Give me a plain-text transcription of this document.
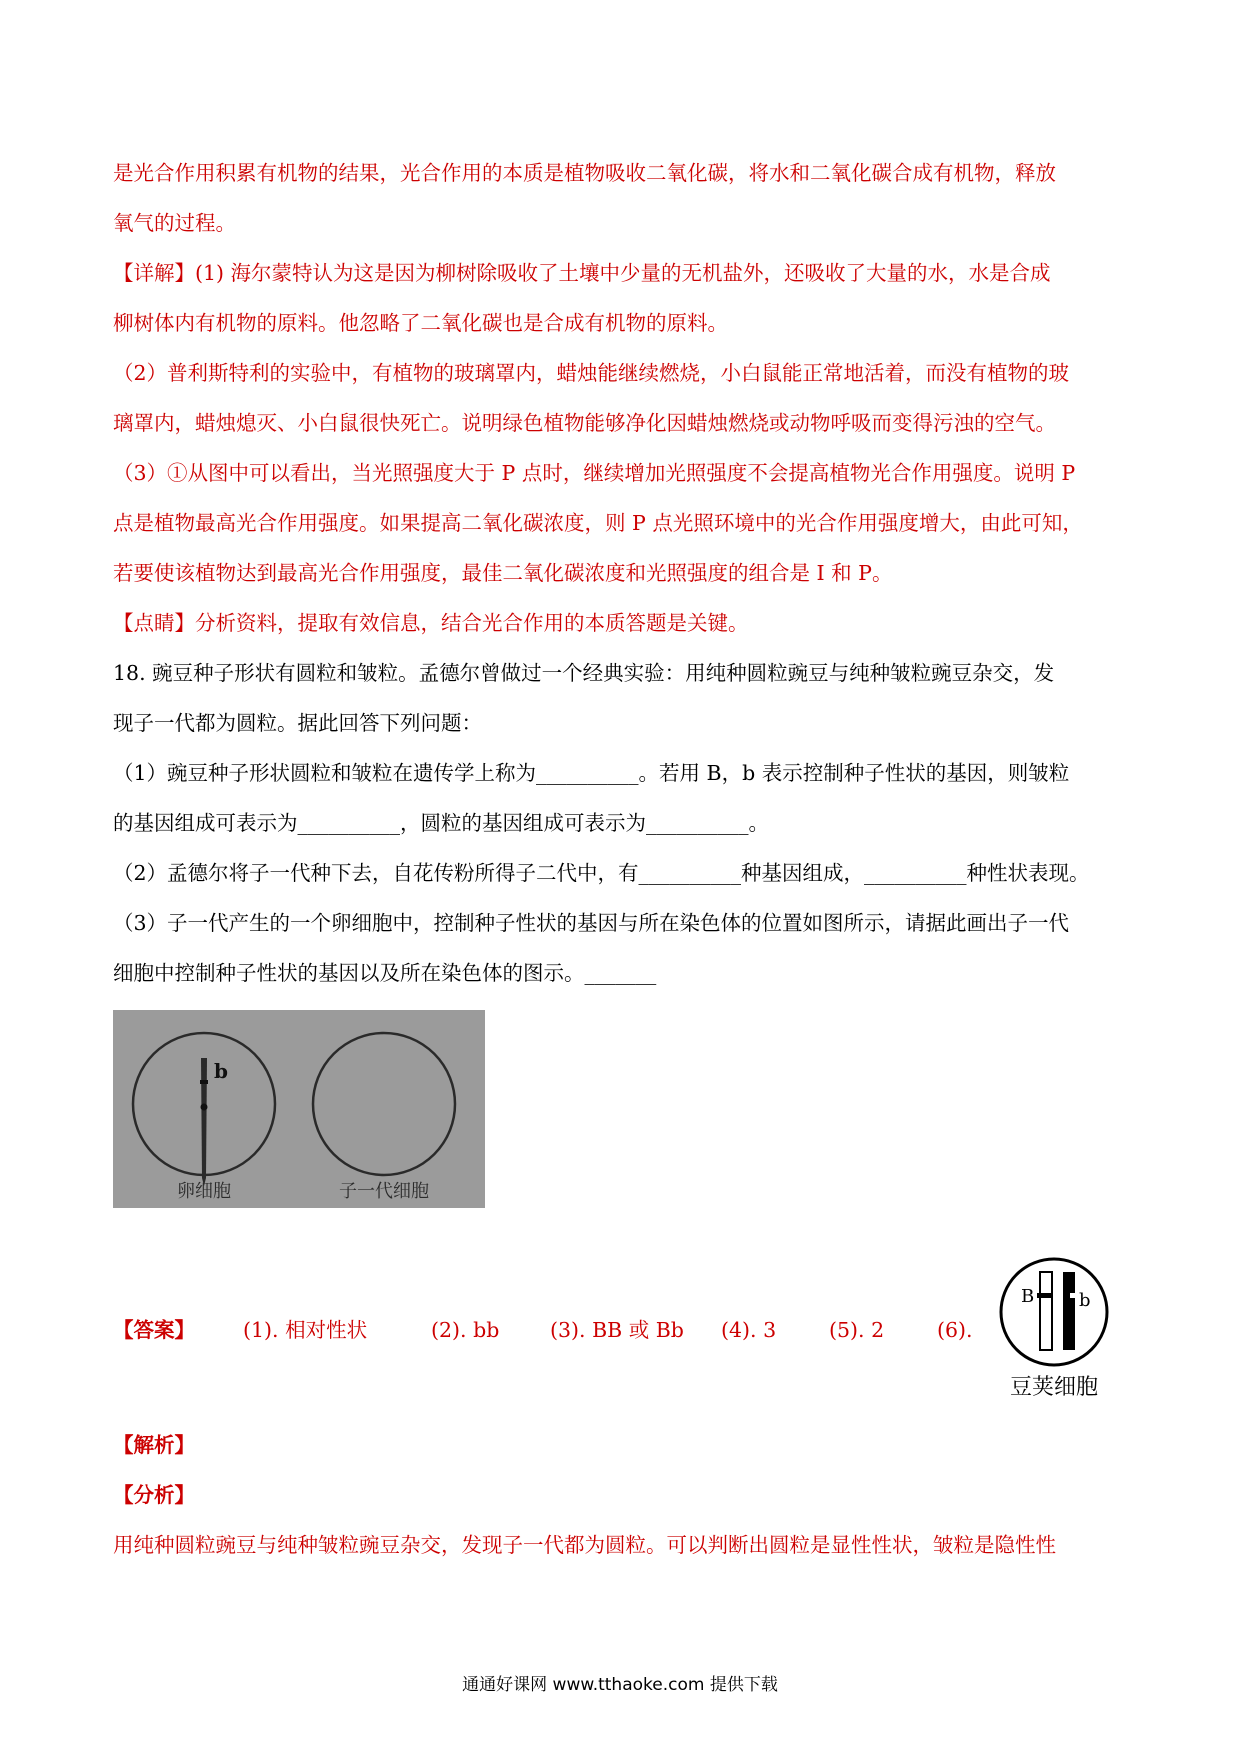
是光合作用积累有机物的结果，光合作用的本质是植物吸收二氧化碳，将水和二氧化碳合成有机物，释放
氧气的过程。
【详解】(1) 海尔蒙特认为这是因为柳树除吸收了土壤中少量的无机盐外，还吸收了大量的水，水是合成
柳树体内有机物的原料。他忽略了二氧化碳也是合成有机物的原料。
（2）普利斯特利的实验中，有植物的玻璃罩内，蜡烛能继续燃烧，小白鼠能正常地活着，而没有植物的玻
璃罩内，蜡烛熄灭、小白鼠很快死亡。说明绿色植物能够净化因蜡烛燃烧或动物呼吸而变得污浊的空气。
（3）①从图中可以看出，当光照强度大于 P 点时，继续增加光照强度不会提高植物光合作用强度。说明 P
点是植物最高光合作用强度。如果提高二氧化碳浓度，则 P 点光照环境中的光合作用强度增大，由此可知，
若要使该植物达到最高光合作用强度，最佳二氧化碳浓度和光照强度的组合是 I 和 P。
【点睛】分析资料，提取有效信息，结合光合作用的本质答题是关键。
18. 豌豆种子形状有圆粒和皱粒。孟德尔曾做过一个经典实验：用纯种圆粒豌豆与纯种皱粒豌豆杂交，发
现子一代都为圆粒。据此回答下列问题：
（1）豌豆种子形状圆粒和皱粒在遗传学上称为__________。若用 B，b 表示控制种子性状的基因，则皱粒
的基因组成可表示为__________，圆粒的基因组成可表示为__________。
（2）孟德尔将子一代种下去，自花传粉所得子二代中，有__________种基因组成，__________种性状表现。
（3）子一代产生的一个卵细胞中，控制种子性状的基因与所在染色体的位置如图所示，请据此画出子一代
细胞中控制种子性状的基因以及所在染色体的图示。_______
b
卵细胞	子一代细胞
【答案】 (1). 相对性状	(2). bb (3). BB 或 Bb (4). 3	(5). 2	(6).
B b
豆荚细胞
【解析】
【分析】
用纯种圆粒豌豆与纯种皱粒豌豆杂交，发现子一代都为圆粒。可以判断出圆粒是显性性状，皱粒是隐性性
通通好课网 www.tthaoke.com 提供下载
